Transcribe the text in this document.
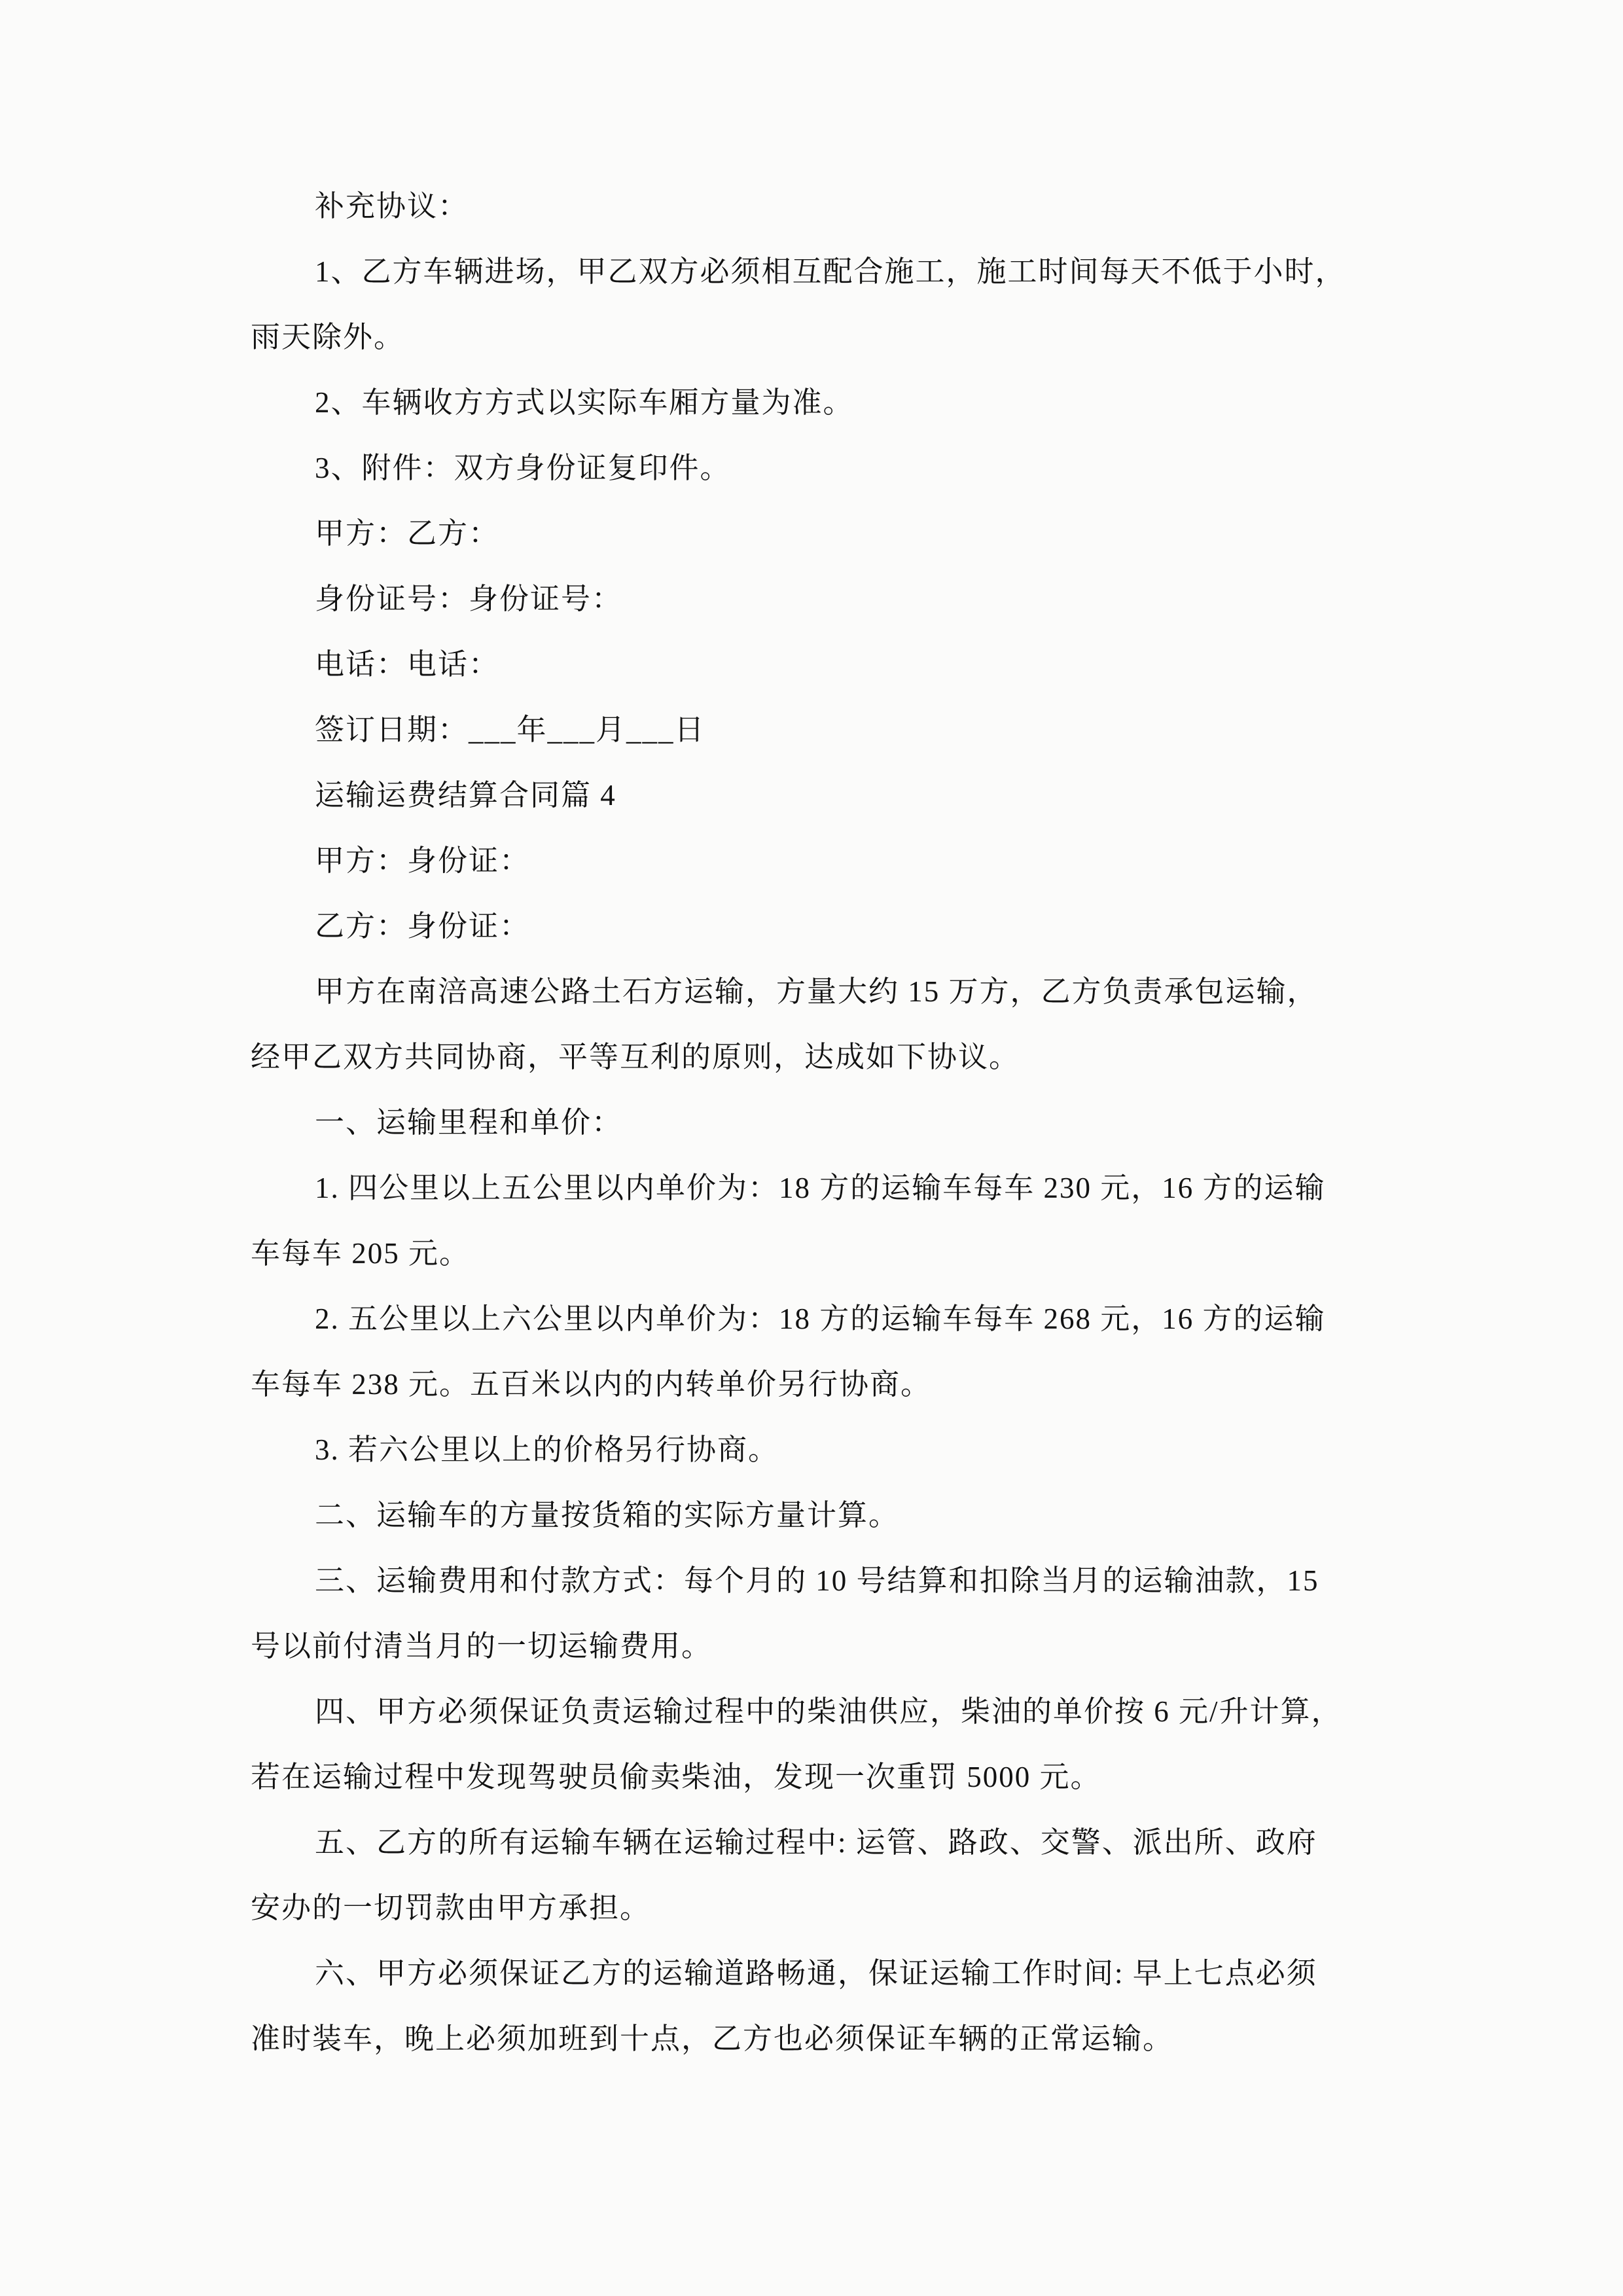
补充协议：
1、乙方车辆进场，甲乙双方必须相互配合施工，施工时间每天不低于小时，
雨天除外。
2、车辆收方方式以实际车厢方量为准。
3、附件：双方身份证复印件。
甲方：乙方：
身份证号：身份证号：
电话：电话：
签订日期：___年___月___日
运输运费结算合同篇 4
甲方：身份证：
乙方：身份证：
甲方在南涪高速公路土石方运输，方量大约 15 万方，乙方负责承包运输，
经甲乙双方共同协商，平等互利的原则，达成如下协议。
一、运输里程和单价：
1. 四公里以上五公里以内单价为：18 方的运输车每车 230 元，16 方的运输
车每车 205 元。
2. 五公里以上六公里以内单价为：18 方的运输车每车 268 元，16 方的运输
车每车 238 元。五百米以内的内转单价另行协商。
3. 若六公里以上的价格另行协商。
二、运输车的方量按货箱的实际方量计算。
三、运输费用和付款方式：每个月的 10 号结算和扣除当月的运输油款，15
号以前付清当月的一切运输费用。
四、甲方必须保证负责运输过程中的柴油供应，柴油的单价按 6 元/升计算，
若在运输过程中发现驾驶员偷卖柴油，发现一次重罚 5000 元。
五、乙方的所有运输车辆在运输过程中: 运管、路政、交警、派出所、政府
安办的一切罚款由甲方承担。
六、甲方必须保证乙方的运输道路畅通，保证运输工作时间: 早上七点必须
准时装车，晚上必须加班到十点，乙方也必须保证车辆的正常运输。
